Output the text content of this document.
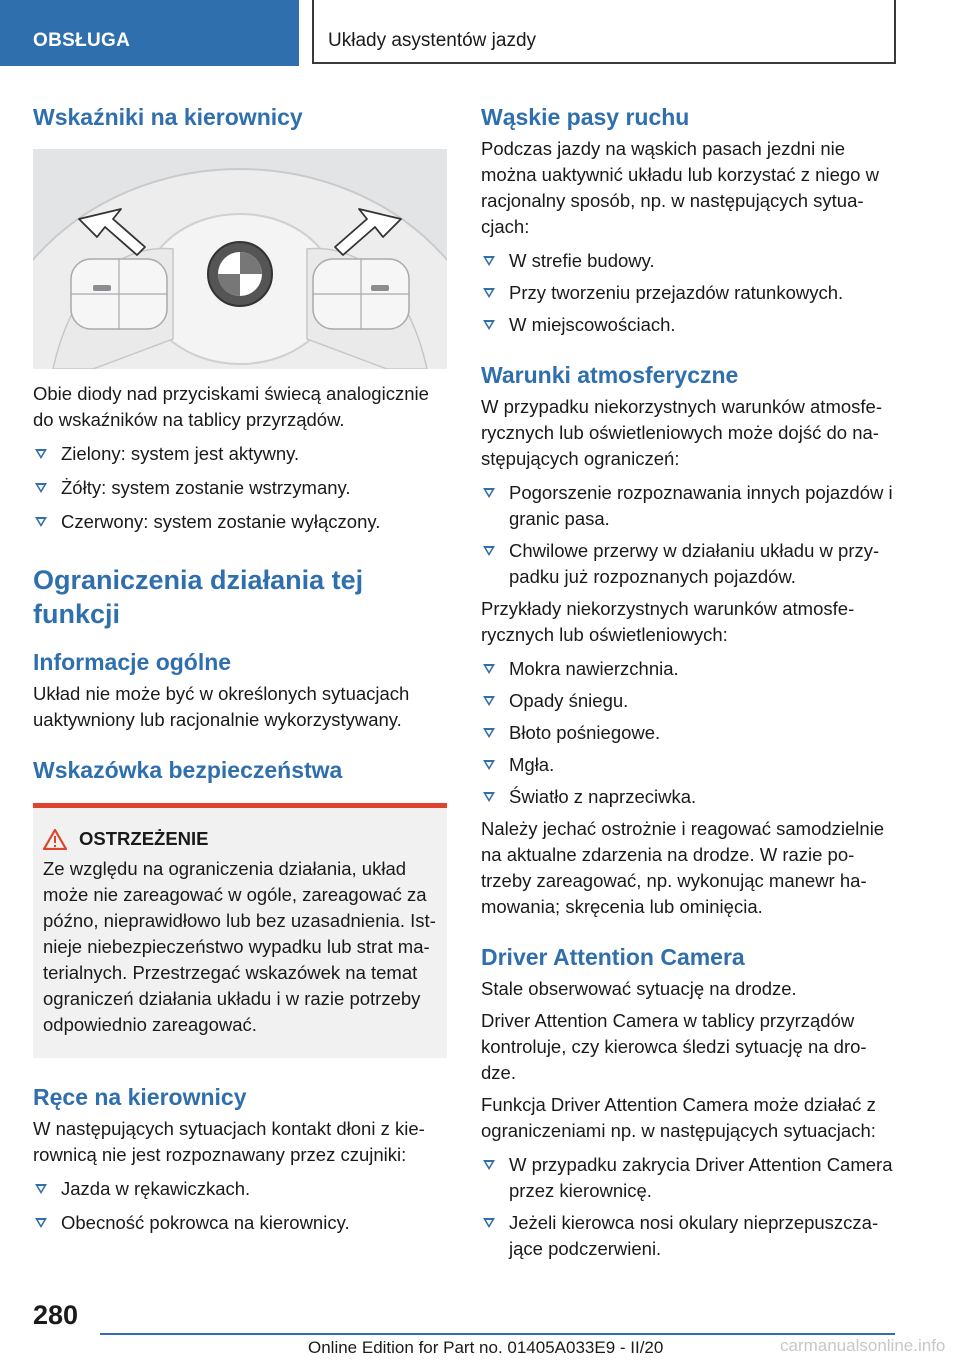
OBSŁUGA	Układy asystentów jazdy
Wskaźniki na kierownicy

Obie diody nad przyciskami świecą analogicznie do wskaźników na tablicy przyrządów.

Zielony: system jest aktywny.
Żółty: system zostanie wstrzymany.
Czerwony: system zostanie wyłączony.
Ograniczenia działania tej funkcji
Informacje ogólne

Układ nie może być w określonych sytuacjach uaktywniony lub racjonalnie wykorzystywany.

Wskazówka bezpieczeństwa
OSTRZEŻENIE

Ze względu na ograniczenia działania, układ może nie zareagować w ogóle, zareagować za późno, nieprawidłowo lub bez uzasadnienia. Istnieje niebezpieczeństwo wypadku lub strat materialnych. Przestrzegać wskazówek na temat ograniczeń działania układu i w razie potrzeby odpowiednio zareagować.

Ręce na kierownicy

W następujących sytuacjach kontakt dłoni z kierownicą nie jest rozpoznawany przez czujniki:

Jazda w rękawiczkach.
Obecność pokrowca na kierownicy.
Wąskie pasy ruchu

Podczas jazdy na wąskich pasach jezdni nie można uaktywnić układu lub korzystać z niego w racjonalny sposób, np. w następujących sytuacjach:

W strefie budowy.
Przy tworzeniu przejazdów ratunkowych.
W miejscowościach.
Warunki atmosferyczne

W przypadku niekorzystnych warunków atmosferycznych lub oświetleniowych może dojść do następujących ograniczeń:

Pogorszenie rozpoznawania innych pojazdów i granic pasa.
Chwilowe przerwy w działaniu układu w przypadku już rozpoznanych pojazdów.

Przykłady niekorzystnych warunków atmosferycznych lub oświetleniowych:

Mokra nawierzchnia.
Opady śniegu.
Błoto pośniegowe.
Mgła.
Światło z naprzeciwka.

Należy jechać ostrożnie i reagować samodzielnie na aktualne zdarzenia na drodze. W razie potrzeby zareagować, np. wykonując manewr hamowania; skręcenia lub ominięcia.

Driver Attention Camera

Stale obserwować sytuację na drodze.

Driver Attention Camera w tablicy przyrządów kontroluje, czy kierowca śledzi sytuację na drodze.

Funkcja Driver Attention Camera może działać z ograniczeniami np. w następujących sytuacjach:

W przypadku zakrycia Driver Attention Camera przez kierownicę.
Jeżeli kierowca nosi okulary nieprzepuszczające podczerwieni.
280
Online Edition for Part no. 01405A033E9 - II/20	carmanualsonline.info
